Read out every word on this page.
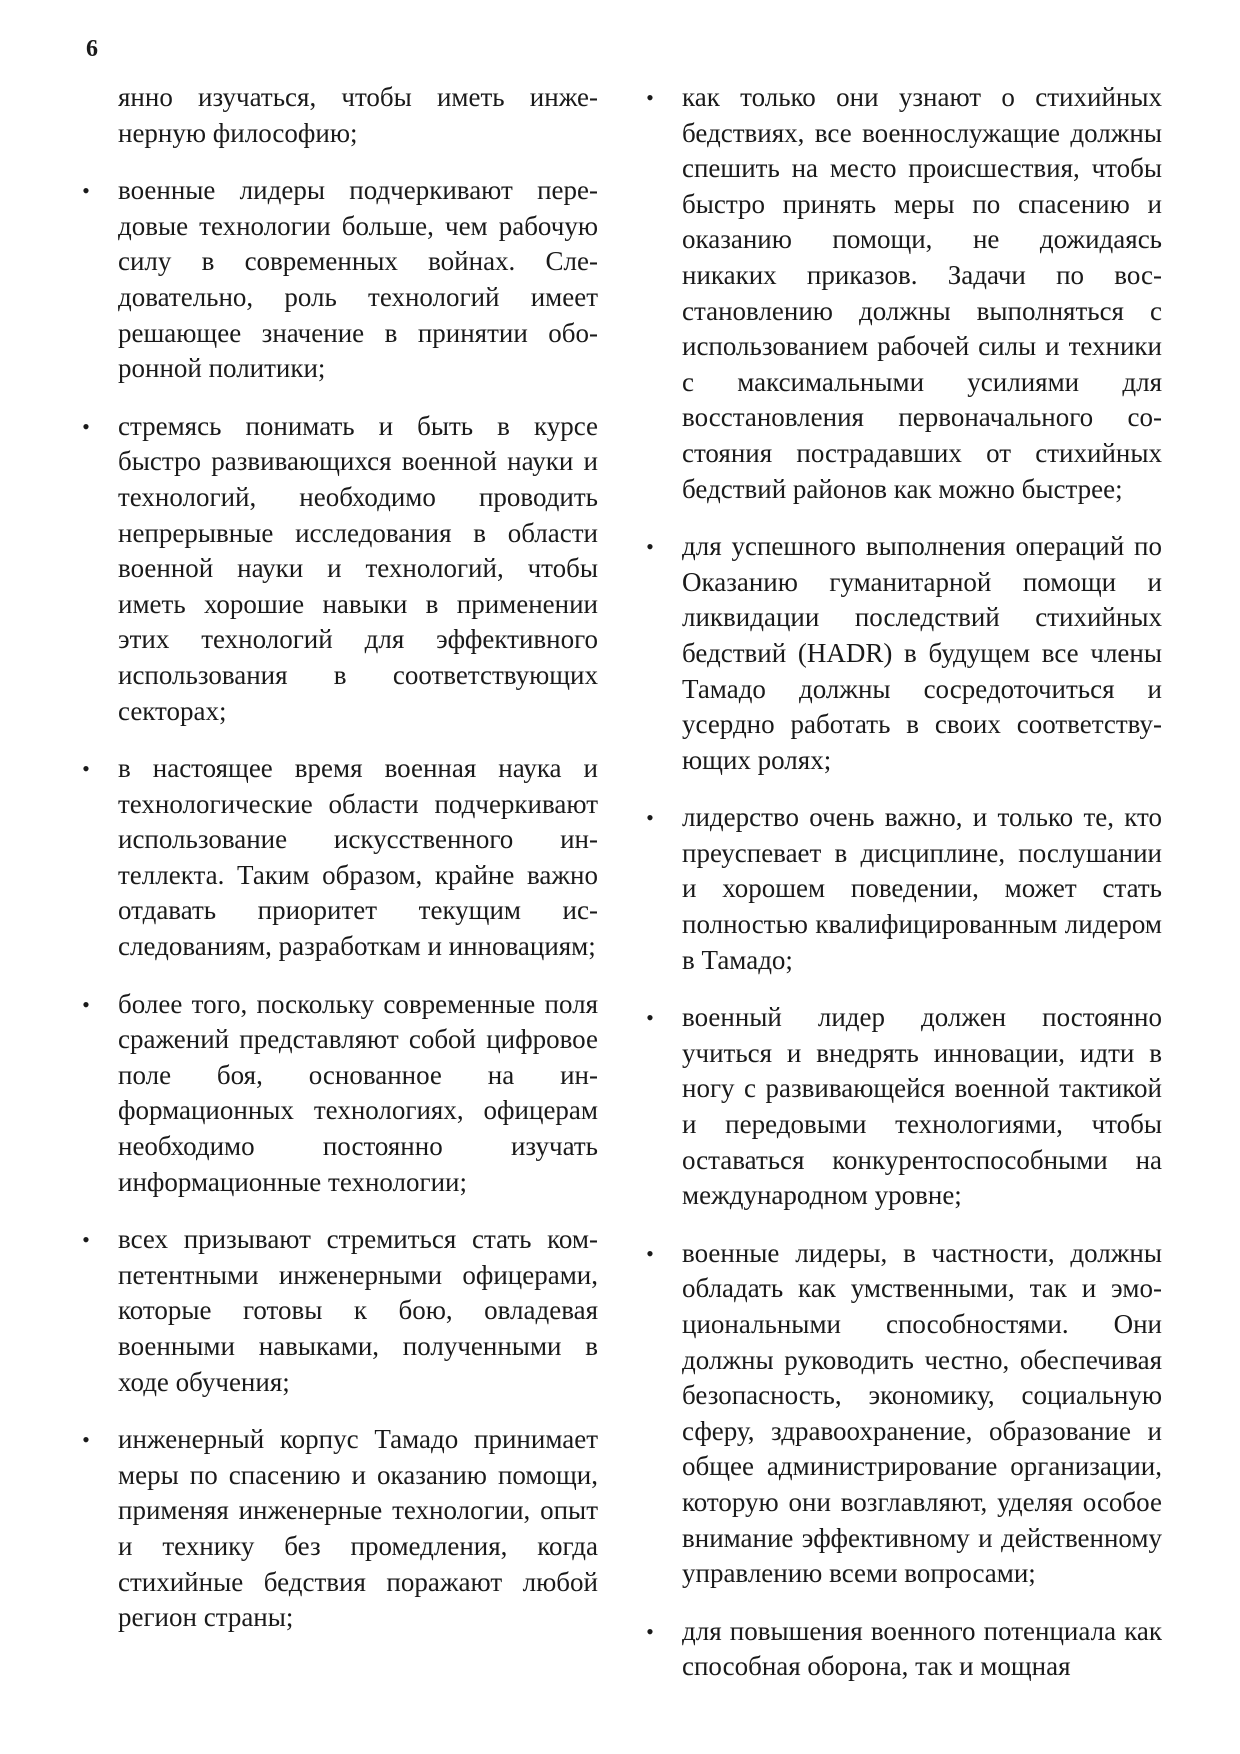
6

янно изучаться, чтобы иметь инженерную философию;

• военные лидеры подчеркивают передовые технологии больше, чем рабочую силу в современных войнах. Следовательно, роль технологий имеет решающее значение в принятии оборонной политики;

• стремясь понимать и быть в курсе быстро развивающихся военной науки и технологий, необходимо проводить непрерывные исследования в области военной науки и технологий, чтобы иметь хорошие навыки в применении этих технологий для эффективного использования в соответствующих секторах;

• в настоящее время военная наука и технологические области подчеркивают использование искусственного интеллекта. Таким образом, крайне важно отдавать приоритет текущим исследованиям, разработкам и инновациям;

• более того, поскольку современные поля сражений представляют собой цифровое поле боя, основанное на информационных технологиях, офицерам необходимо постоянно изучать информационные технологии;

• всех призывают стремиться стать компетентными инженерными офицерами, которые готовы к бою, овладевая военными навыками, полученными в ходе обучения;

• инженерный корпус Тамадо принимает меры по спасению и оказанию помощи, применяя инженерные технологии, опыт и технику без промедления, когда стихийные бедствия поражают любой регион страны;

• как только они узнают о стихийных бедствиях, все военнослужащие должны спешить на место происшествия, чтобы быстро принять меры по спасению и оказанию помощи, не дожидаясь никаких приказов. Задачи по восстановлению должны выполняться с использованием рабочей силы и техники с максимальными усилиями для восстановления первоначального состояния пострадавших от стихийных бедствий районов как можно быстрее;

• для успешного выполнения операций по Оказанию гуманитарной помощи и ликвидации последствий стихийных бедствий (HADR) в будущем все члены Тамадо должны сосредоточиться и усердно работать в своих соответствующих ролях;

• лидерство очень важно, и только те, кто преуспевает в дисциплине, послушании и хорошем поведении, может стать полностью квалифицированным лидером в Тамадо;

• военный лидер должен постоянно учиться и внедрять инновации, идти в ногу с развивающейся военной тактикой и передовыми технологиями, чтобы оставаться конкурентоспособными на международном уровне;

• военные лидеры, в частности, должны обладать как умственными, так и эмоциональными способностями. Они должны руководить честно, обеспечивая безопасность, экономику, социальную сферу, здравоохранение, образование и общее администрирование организации, которую они возглавляют, уделяя особое внимание эффективному и действенному управлению всеми вопросами;

• для повышения военного потенциала как способная оборона, так и мощная
